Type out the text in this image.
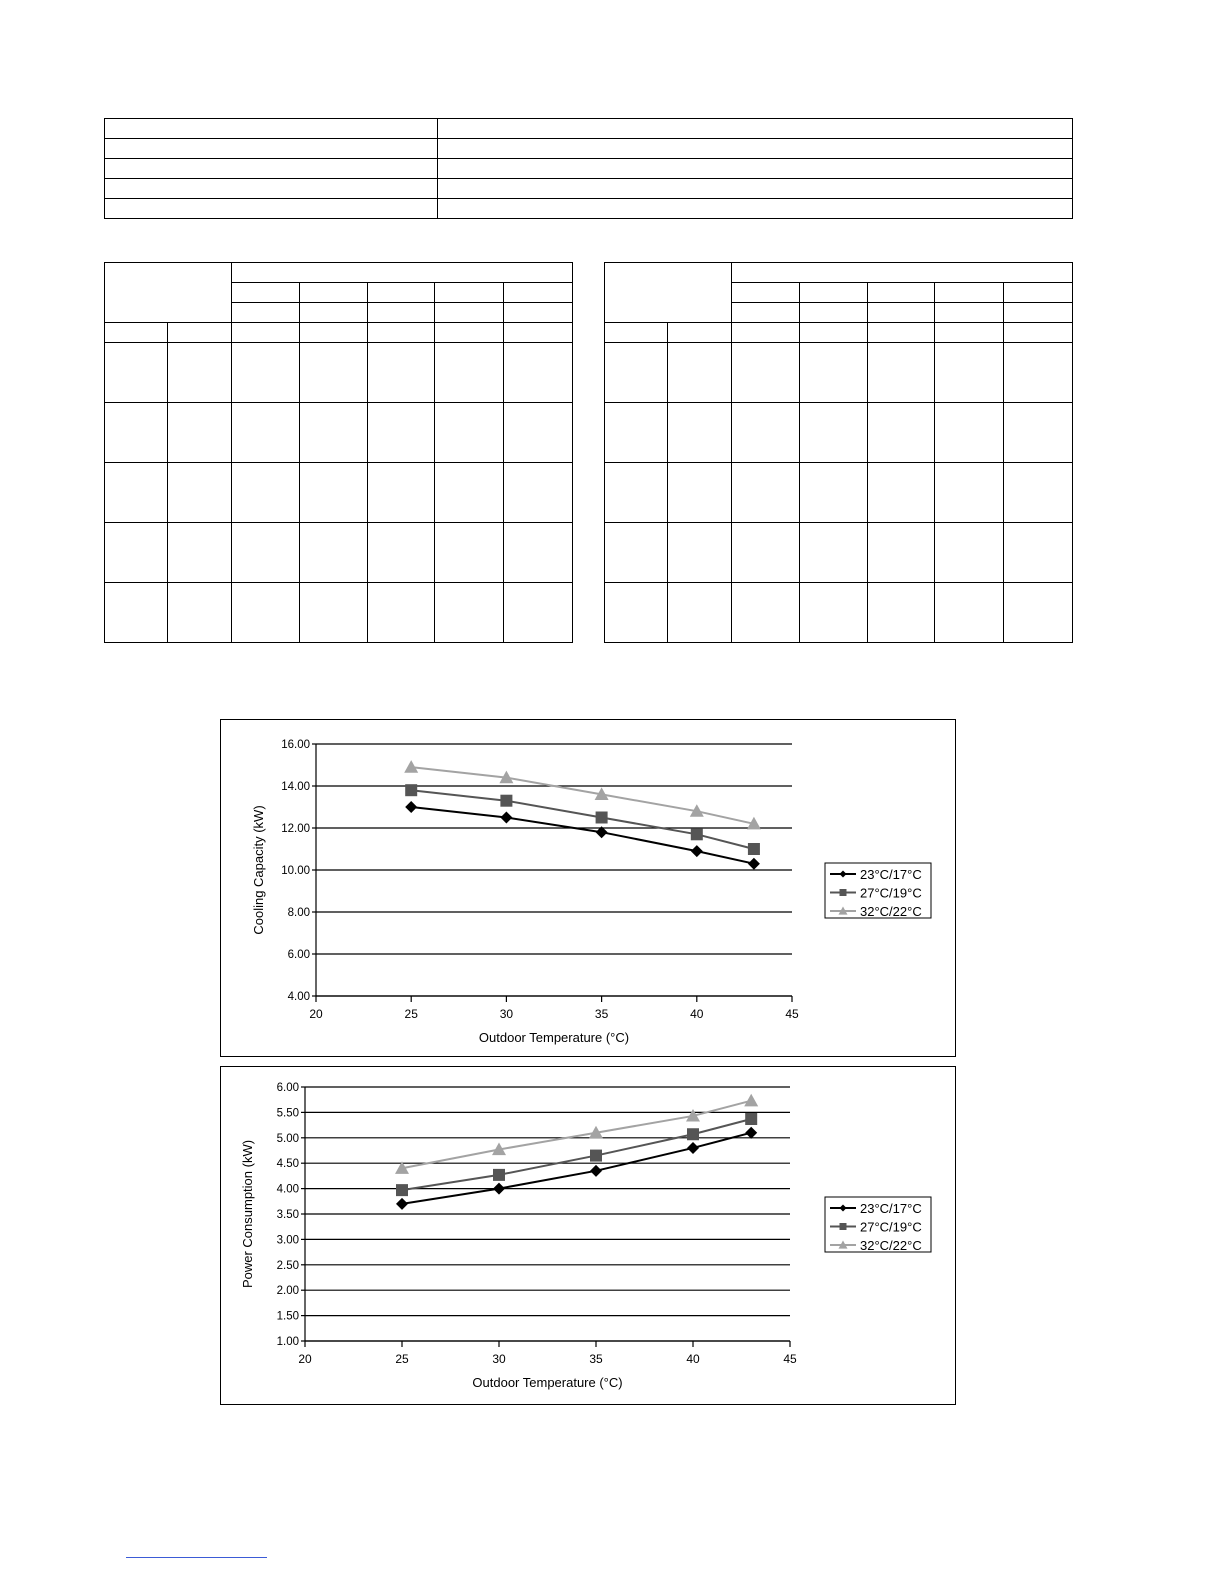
4.00
6.00
8.00
10.00
12.00
14.00
16.00
20	25	30	35	40	45
Outdoor Temperature (°C)
Cooling Capacity (kW)	23°C/17°C
27°C/19°C
32°C/22°C
1.00
1.50
2.00
2.50
3.00
3.50
4.00
4.50
5.00
5.50
6.00
20	25	30	35	40	45
Outdoor Temperature (°C)
Power Consumption (kW)	23°C/17°C
27°C/19°C
32°C/22°C
